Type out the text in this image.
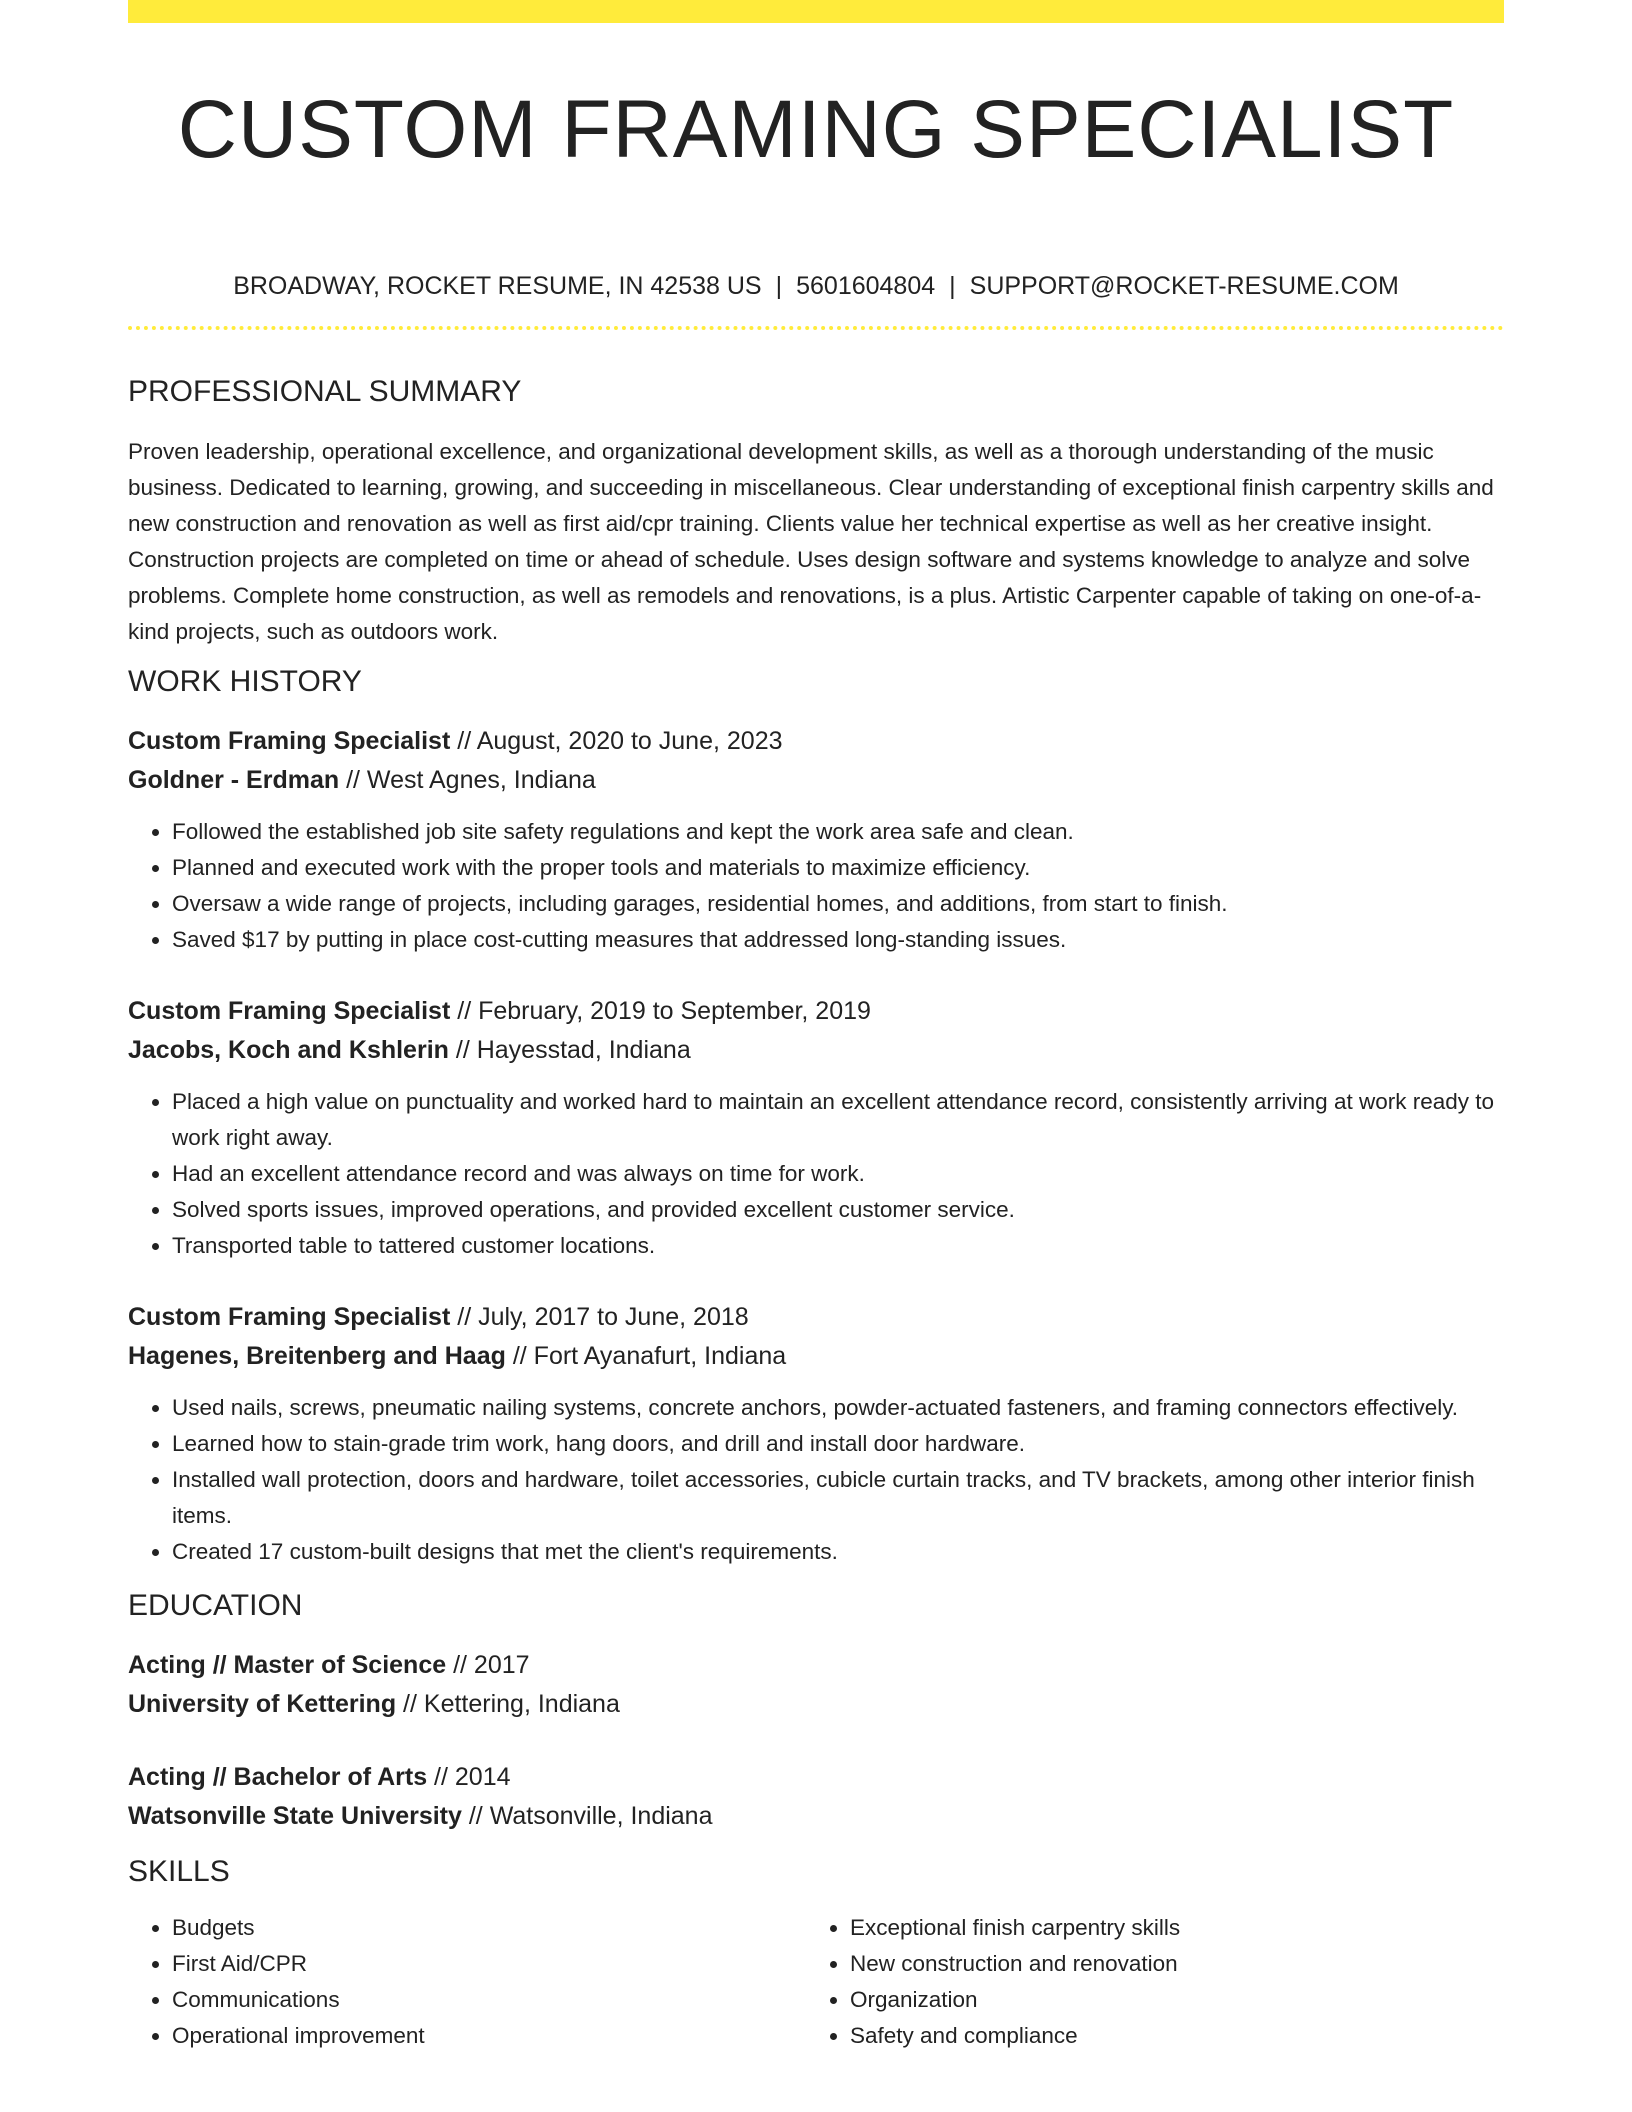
CUSTOM FRAMING SPECIALIST
BROADWAY, ROCKET RESUME, IN 42538 US | 5601604804 | SUPPORT@ROCKET-RESUME.COM
PROFESSIONAL SUMMARY

Proven leadership, operational excellence, and organizational development skills, as well as a thorough understanding of the music business. Dedicated to learning, growing, and succeeding in miscellaneous. Clear understanding of exceptional finish carpentry skills and new construction and renovation as well as first aid/cpr training. Clients value her technical expertise as well as her creative insight. Construction projects are completed on time or ahead of schedule. Uses design software and systems knowledge to analyze and solve problems. Complete home construction, as well as remodels and renovations, is a plus. Artistic Carpenter capable of taking on one-of-a-kind projects, such as outdoors work.

WORK HISTORY
Custom Framing Specialist // August, 2020 to June, 2023
Goldner - Erdman // West Agnes, Indiana
• Followed the established job site safety regulations and kept the work area safe and clean.
• Planned and executed work with the proper tools and materials to maximize efficiency.
• Oversaw a wide range of projects, including garages, residential homes, and additions, from start to finish.
• Saved $17 by putting in place cost-cutting measures that addressed long-standing issues.
Custom Framing Specialist // February, 2019 to September, 2019
Jacobs, Koch and Kshlerin // Hayesstad, Indiana
• Placed a high value on punctuality and worked hard to maintain an excellent attendance record, consistently arriving at work ready to work right away.
• Had an excellent attendance record and was always on time for work.
• Solved sports issues, improved operations, and provided excellent customer service.
• Transported table to tattered customer locations.
Custom Framing Specialist // July, 2017 to June, 2018
Hagenes, Breitenberg and Haag // Fort Ayanafurt, Indiana
• Used nails, screws, pneumatic nailing systems, concrete anchors, powder-actuated fasteners, and framing connectors effectively.
• Learned how to stain-grade trim work, hang doors, and drill and install door hardware.
• Installed wall protection, doors and hardware, toilet accessories, cubicle curtain tracks, and TV brackets, among other interior finish items.
• Created 17 custom-built designs that met the client's requirements.
EDUCATION
Acting // Master of Science // 2017
University of Kettering // Kettering, Indiana
Acting // Bachelor of Arts // 2014
Watsonville State University // Watsonville, Indiana
SKILLS
• Budgets
• First Aid/CPR
• Communications
• Operational improvement
• Exceptional finish carpentry skills
• New construction and renovation
• Organization
• Safety and compliance
